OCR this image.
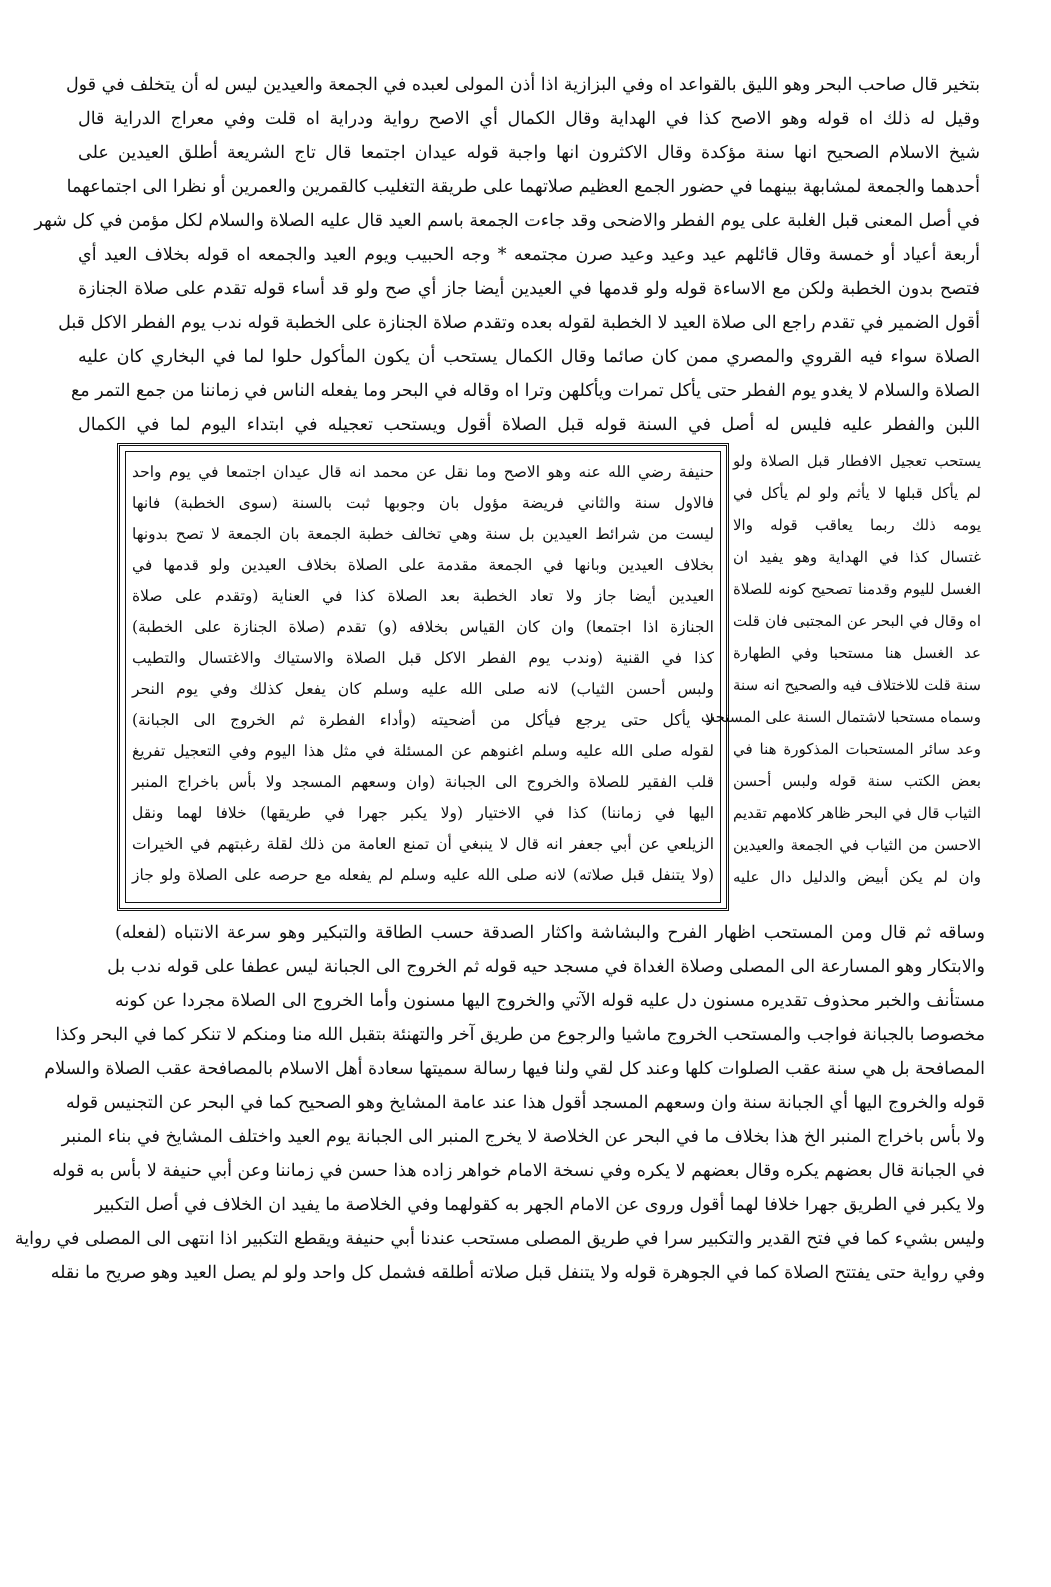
بتخير قال صاحب البحر وهو الليق بالقواعد اه وفي البزازية اذا أذن المولى لعبده في الجمعة والعيدين ليس له أن يتخلف في قول
وقيل له ذلك اه قوله وهو الاصح كذا في الهداية وقال الكمال أي الاصح رواية ودراية اه قلت وفي معراج الدراية قال
شيخ الاسلام الصحيح انها سنة مؤكدة وقال الاكثرون انها واجبة قوله عيدان اجتمعا قال تاج الشريعة أطلق العيدين على
أحدهما والجمعة لمشابهة بينهما في حضور الجمع العظيم صلاتهما على طريقة التغليب كالقمرين والعمرين أو نظرا الى اجتماعهما
في أصل المعنى قبل الغلبة على يوم الفطر والاضحى وقد جاءت الجمعة باسم العيد قال عليه الصلاة والسلام لكل مؤمن في كل شهر
أربعة أعياد أو خمسة وقال قائلهم عيد وعيد وعيد صرن مجتمعه * وجه الحبيب ويوم العيد والجمعه اه قوله بخلاف العيد أي
فتصح بدون الخطبة ولكن مع الاساءة قوله ولو قدمها في العيدين أيضا جاز أي صح ولو قد أساء قوله تقدم على صلاة الجنازة
أقول الضمير في تقدم راجع الى صلاة العيد لا الخطبة لقوله بعده وتقدم صلاة الجنازة على الخطبة قوله ندب يوم الفطر الاكل قبل
الصلاة سواء فيه القروي والمصري ممن كان صائما وقال الكمال يستحب أن يكون المأكول حلوا لما في البخاري كان عليه
الصلاة والسلام لا يغدو يوم الفطر حتى يأكل تمرات ويأكلهن وترا اه وقاله في البحر وما يفعله الناس في زماننا من جمع التمر مع
اللبن والفطر عليه فليس له أصل في السنة قوله قبل الصلاة أقول ويستحب تعجيله في ابتداء اليوم لما في الكمال
حنيفة رضي الله عنه وهو الاصح وما نقل عن محمد انه قال عيدان اجتمعا في يوم واحد
فالاول سنة والثاني فريضة مؤول بان وجوبها ثبت بالسنة (سوى الخطبة) فانها
ليست من شرائط العيدين بل سنة وهي تخالف خطبة الجمعة بان الجمعة لا تصح بدونها
بخلاف العيدين وبانها في الجمعة مقدمة على الصلاة بخلاف العيدين ولو قدمها في
العيدين أيضا جاز ولا تعاد الخطبة بعد الصلاة كذا في العناية (وتقدم على صلاة
الجنازة اذا اجتمعا) وان كان القياس بخلافه (و) تقدم (صلاة الجنازة على الخطبة)
كذا في القنية (وندب يوم الفطر الاكل قبل الصلاة والاستياك والاغتسال والتطيب
ولبس أحسن الثياب) لانه صلى الله عليه وسلم كان يفعل كذلك وفي يوم النحر
لا يأكل حتى يرجع فيأكل من أضحيته (وأداء الفطرة ثم الخروج الى الجبانة)
لقوله صلى الله عليه وسلم اغنوهم عن المسئلة في مثل هذا اليوم وفي التعجيل تفريغ
قلب الفقير للصلاة والخروج الى الجبانة (وان وسعهم المسجد ولا بأس باخراج المنبر
اليها في زماننا) كذا في الاختيار (ولا يكبر جهرا في طريقها) خلافا لهما ونقل
الزيلعي عن أبي جعفر انه قال لا ينبغي أن تمنع العامة من ذلك لقلة رغبتهم في الخيرات
(ولا يتنفل قبل صلاته) لانه صلى الله عليه وسلم لم يفعله مع حرصه على الصلاة ولو جاز
يستحب تعجيل الافطار قبل الصلاة ولو
لم يأكل قبلها لا يأثم ولو لم يأكل في
يومه ذلك ربما يعاقب قوله والا
غتسال كذا في الهداية وهو يفيد ان
الغسل لليوم وقدمنا تصحيح كونه للصلاة
اه وقال في البحر عن المجتبى فان قلت
عد الغسل هنا مستحبا وفي الطهارة
سنة قلت للاختلاف فيه والصحيح انه سنة
وسماه مستحبا لاشتمال السنة على المستحب
وعد سائر المستحبات المذكورة هنا في
بعض الكتب سنة قوله ولبس أحسن
الثياب قال في البحر ظاهر كلامهم تقديم
الاحسن من الثياب في الجمعة والعيدين
وان لم يكن أبيض والدليل دال عليه
وساقه ثم قال ومن المستحب اظهار الفرح والبشاشة واكثار الصدقة حسب الطاقة والتبكير وهو سرعة الانتباه (لفعله)
والابتكار وهو المسارعة الى المصلى وصلاة الغداة في مسجد حيه قوله ثم الخروج الى الجبانة ليس عطفا على قوله ندب بل
مستأنف والخبر محذوف تقديره مسنون دل عليه قوله الآتي والخروج اليها مسنون وأما الخروج الى الصلاة مجردا عن كونه
مخصوصا بالجبانة فواجب والمستحب الخروج ماشيا والرجوع من طريق آخر والتهنئة بتقبل الله منا ومنكم لا تنكر كما في البحر وكذا
المصافحة بل هي سنة عقب الصلوات كلها وعند كل لقي ولنا فيها رسالة سميتها سعادة أهل الاسلام بالمصافحة عقب الصلاة والسلام
قوله والخروج اليها أي الجبانة سنة وان وسعهم المسجد أقول هذا عند عامة المشايخ وهو الصحيح كما في البحر عن التجنيس قوله
ولا بأس باخراج المنبر الخ هذا بخلاف ما في البحر عن الخلاصة لا يخرج المنبر الى الجبانة يوم العيد واختلف المشايخ في بناء المنبر
في الجبانة قال بعضهم يكره وقال بعضهم لا يكره وفي نسخة الامام خواهر زاده هذا حسن في زماننا وعن أبي حنيفة لا بأس به قوله
ولا يكبر في الطريق جهرا خلافا لهما أقول وروى عن الامام الجهر به كقولهما وفي الخلاصة ما يفيد ان الخلاف في أصل التكبير
وليس بشيء كما في فتح القدير والتكبير سرا في طريق المصلى مستحب عندنا أبي حنيفة ويقطع التكبير اذا انتهى الى المصلى في رواية
وفي رواية حتى يفتتح الصلاة كما في الجوهرة قوله ولا يتنفل قبل صلاته أطلقه فشمل كل واحد ولو لم يصل العيد وهو صريح ما نقله
